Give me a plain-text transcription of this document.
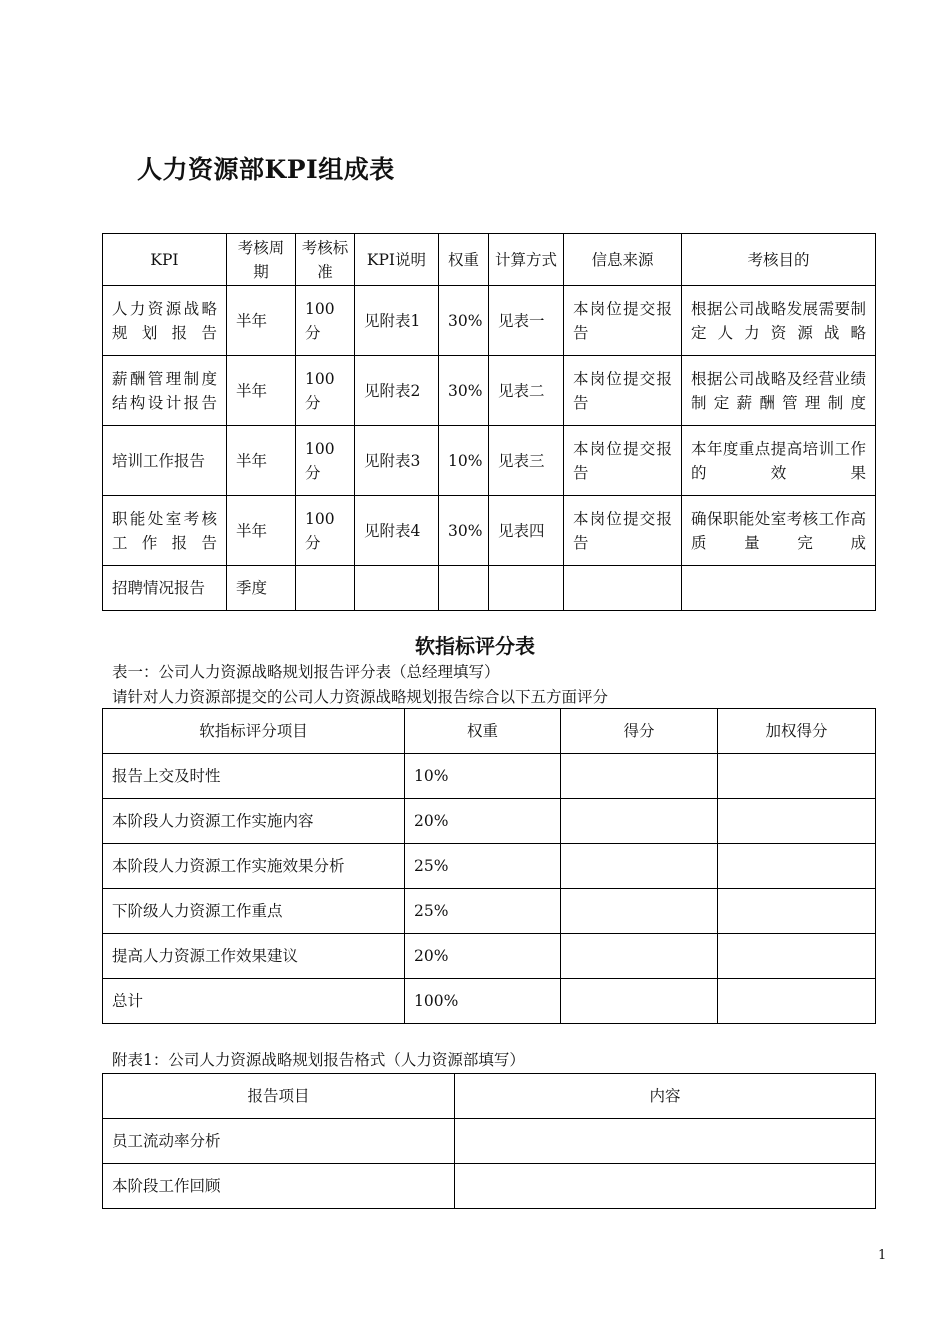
人力资源部KPI组成表
KPI	考核周期	考核标准	KPI说明	权重	计算方式	信息来源	考核目的
人力资源战略规划报告	半年	100分	见附表1	30%	见表一	本岗位提交报告	根据公司战略发展需要制定人力资源战略
薪酬管理制度结构设计报告	半年	100分	见附表2	30%	见表二	本岗位提交报告	根据公司战略及经营业绩制定薪酬管理制度
培训工作报告	半年	100分	见附表3	10%	见表三	本岗位提交报告	本年度重点提高培训工作的效果
职能处室考核工作报告	半年	100分	见附表4	30%	见表四	本岗位提交报告	确保职能处室考核工作高质量完成
招聘情况报告	季度						
软指标评分表
表一：公司人力资源战略规划报告评分表（总经理填写）
请针对人力资源部提交的公司人力资源战略规划报告综合以下五方面评分
软指标评分项目	权重	得分	加权得分
报告上交及时性	10%		
本阶段人力资源工作实施内容	20%		
本阶段人力资源工作实施效果分析	25%		
下阶级人力资源工作重点	25%		
提高人力资源工作效果建议	20%		
总计	100%		
附表1：公司人力资源战略规划报告格式（人力资源部填写）
报告项目	内容
员工流动率分析	
本阶段工作回顾	
1
